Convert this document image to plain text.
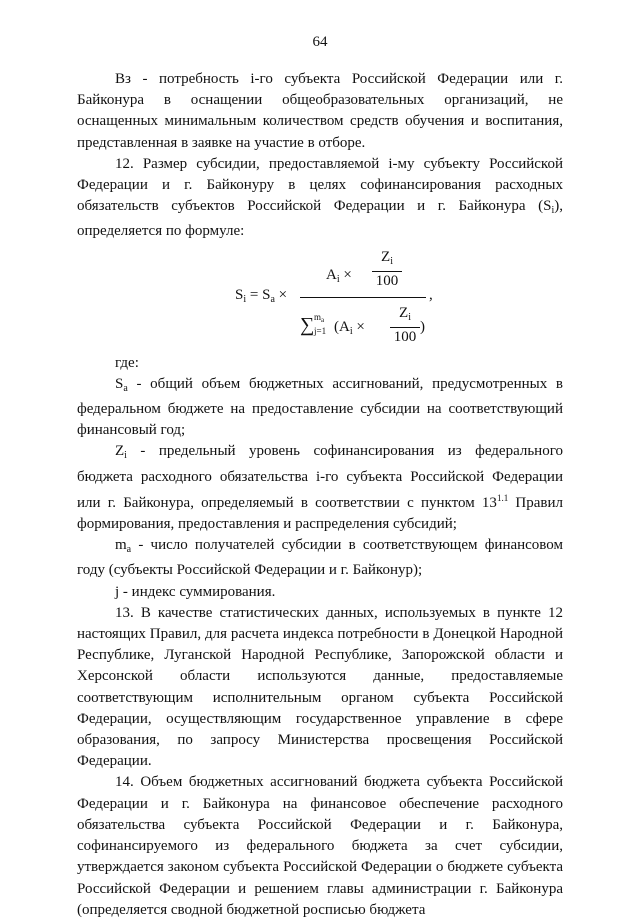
64

Вз - потребность i-го субъекта Российской Федерации или г. Байконура в оснащении общеобразовательных организаций, не оснащенных минимальным количеством средств обучения и воспитания, представленная в заявке на участие в отборе.

12. Размер субсидии, предоставляемой i-му субъекту Российской Федерации и г. Байконуру в целях софинансирования расходных обязательств субъектов Российской Федерации и г. Байконура $(S_i)$, определяется по формуле:

$S_i = S_a$ ×
$A_i$ ×
$Z_i$
100
∑ $m_a$
j=1 ($A_i$ ×
$Z_i$
100
)
,

где:

$S_a$ - общий объем бюджетных ассигнований, предусмотренных в федеральном бюджете на предоставление субсидии на соответствующий финансовый год;

$Z_i$ - предельный уровень софинансирования из федерального бюджета расходного обязательства i-го субъекта Российской Федерации или г. Байконура, определяемый в соответствии с пунктом $13^{1.1}$ Правил формирования, предоставления и распределения субсидий;

$m_a$ - число получателей субсидии в соответствующем финансовом году (субъекты Российской Федерации и г. Байконур);

j - индекс суммирования.

13. В качестве статистических данных, используемых в пункте 12 настоящих Правил, для расчета индекса потребности в Донецкой Народной Республике, Луганской Народной Республике, Запорожской области и Херсонской области используются данные, предоставляемые соответствующим исполнительным органом субъекта Российской Федерации, осуществляющим государственное управление в сфере образования, по запросу Министерства просвещения Российской Федерации.

14. Объем бюджетных ассигнований бюджета субъекта Российской Федерации и г. Байконура на финансовое обеспечение расходного обязательства субъекта Российской Федерации и г. Байконура, софинансируемого из федерального бюджета за счет субсидии, утверждается законом субъекта Российской Федерации о бюджете субъекта Российской Федерации и решением главы администрации г. Байконура (определяется сводной бюджетной росписью бюджета
